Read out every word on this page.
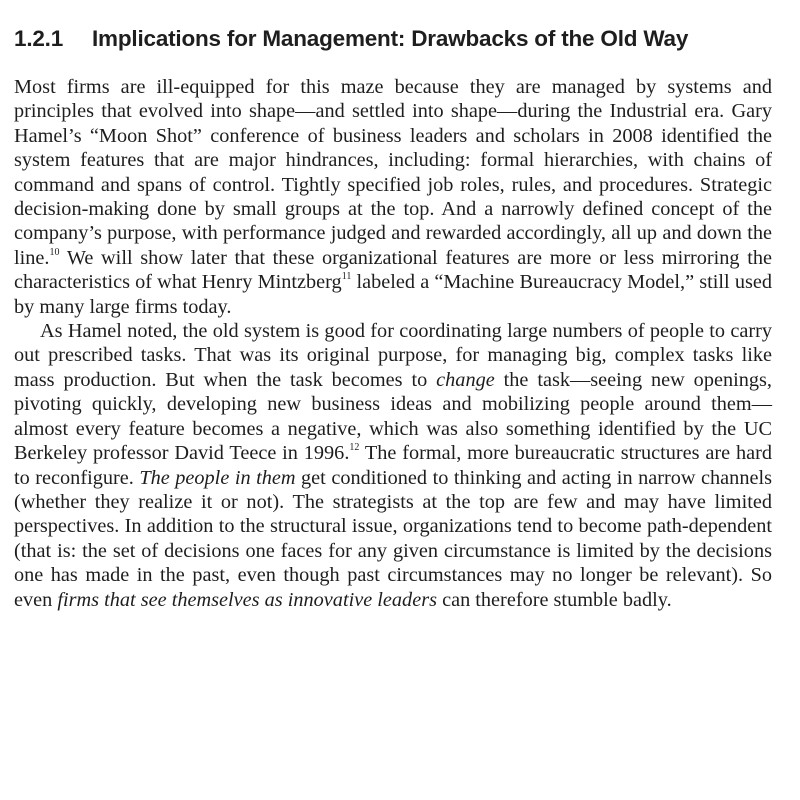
1.2.1 Implications for Management: Drawbacks of the Old Way

Most firms are ill-equipped for this maze because they are managed by systems and principles that evolved into shape—and settled into shape—during the Industrial era. Gary Hamel’s “Moon Shot” conference of business leaders and scholars in 2008 identified the system features that are major hindrances, including: formal hierarchies, with chains of command and spans of control. Tightly specified job roles, rules, and procedures. Strategic decision-making done by small groups at the top. And a narrowly defined concept of the company’s purpose, with performance judged and rewarded accordingly, all up and down the line.$^{10}$ We will show later that these organizational features are more or less mirroring the characteristics of what Henry Mintzberg$^{11}$ labeled a “Machine Bureaucracy Model,” still used by many large firms today.

As Hamel noted, the old system is good for coordinating large numbers of people to carry out prescribed tasks. That was its original purpose, for managing big, complex tasks like mass production. But when the task becomes to change the task—seeing new openings, pivoting quickly, developing new business ideas and mobilizing people around them—almost every feature becomes a negative, which was also something identified by the UC Berkeley professor David Teece in 1996.12 The formal, more bureaucratic structures are hard to reconfigure. The people in them get conditioned to thinking and acting in narrow channels (whether they realize it or not). The strategists at the top are few and may have limited perspectives. In addition to the structural issue, organizations tend to become path-dependent (that is: the set of decisions one faces for any given circumstance is limited by the decisions one has made in the past, even though past circumstances may no longer be relevant). So even firms that see themselves as innovative leaders can therefore stumble badly.
